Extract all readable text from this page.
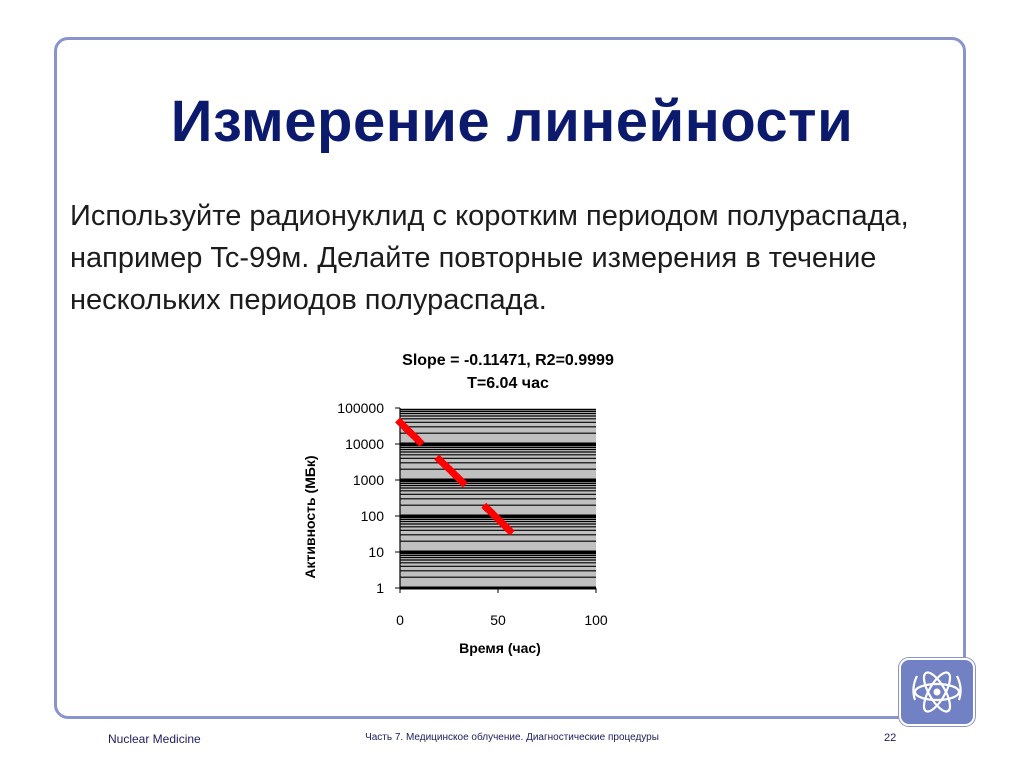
Измерение линейности
Используйте радионуклид с коротким периодом полураспада, например Tc-99м. Делайте повторные измерения в течение нескольких периодов полураспада.
Slope = -0.11471, R2=0.9999
T=6.04 час
1
10
100
1000
10000
100000
0	50	100
Время (час)
Активность (МБк)
Nuclear Medicine	Часть 7. Медицинское облучение. Диагностические процедуры	22
